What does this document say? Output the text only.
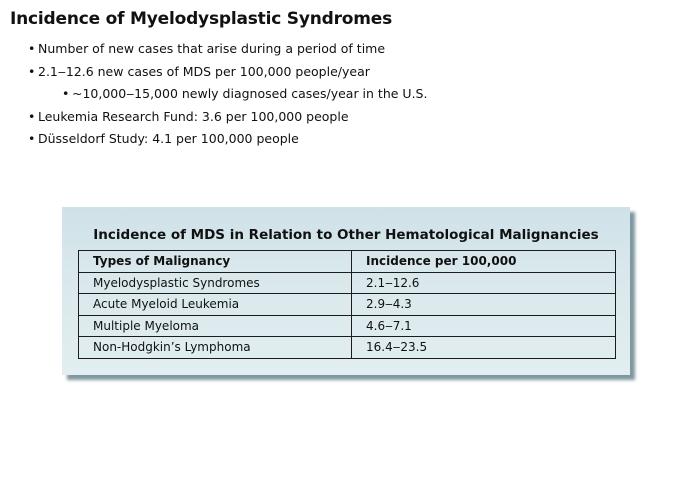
Incidence of Myelodysplastic Syndromes
• Number of new cases that arise during a period of time
• 2.1‒12.6 new cases of MDS per 100,000 people/year
• ~10,000‒15,000 newly diagnosed cases/year in the U.S.
• Leukemia Research Fund: 3.6 per 100,000 people
• Düsseldorf Study: 4.1 per 100,000 people
Incidence of MDS in Relation to Other Hematological Malignancies
Types of Malignancy	Incidence per 100,000
Myelodysplastic Syndromes	2.1‒12.6
Acute Myeloid Leukemia	2.9‒4.3
Multiple Myeloma	4.6‒7.1
Non-Hodgkin’s Lymphoma	16.4‒23.5
